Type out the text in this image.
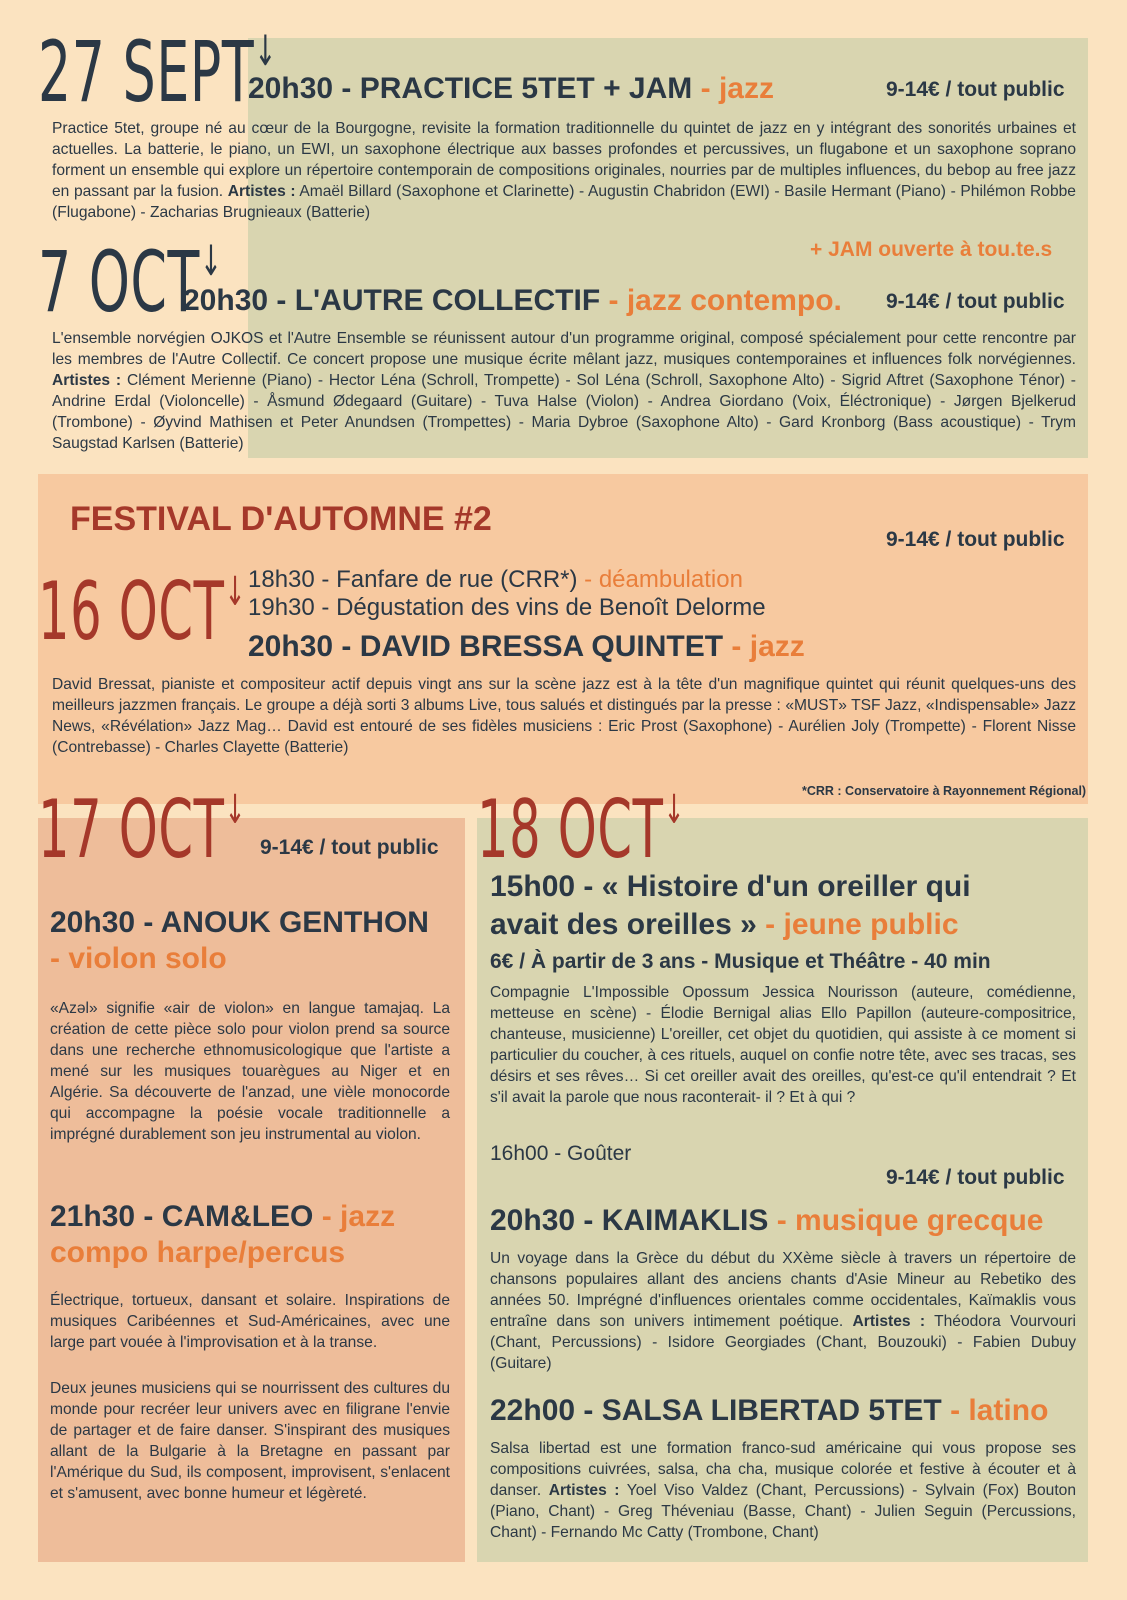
27 SEPT↓
20h30 - PRACTICE 5TET + JAM - jazz	9-14€ / tout public
Practice 5tet, groupe né au cœur de la Bourgogne, revisite la formation traditionnelle du quintet de jazz en y intégrant des sonorités urbaines et actuelles. La batterie, le piano, un EWI, un saxophone électrique aux basses profondes et percussives, un flugabone et un saxophone soprano forment un ensemble qui explore un répertoire contemporain de compositions originales, nourries par de multiples influences, du bebop au free jazz en passant par la fusion. Artistes : Amaël Billard (Saxophone et Clarinette) - Augustin Chabridon (EWI) - Basile Hermant (Piano) - Philémon Robbe (Flugabone) - Zacharias Brugnieaux (Batterie)
+ JAM ouverte à tou.te.s
7 OCT↓
20h30 - L'AUTRE COLLECTIF - jazz contempo. 9-14€ / tout public
L'ensemble norvégien OJKOS et l'Autre Ensemble se réunissent autour d'un programme original, composé spécialement pour cette rencontre par les membres de l'Autre Collectif. Ce concert propose une musique écrite mêlant jazz, musiques contemporaines et influences folk norvégiennes. Artistes : Clément Merienne (Piano) - Hector Léna (Schroll, Trompette) - Sol Léna (Schroll, Saxophone Alto) - Sigrid Aftret (Saxophone Ténor) - Andrine Erdal (Violoncelle) - Åsmund Ødegaard (Guitare) - Tuva Halse (Violon) - Andrea Giordano (Voix, Éléctronique) - Jørgen Bjelkerud (Trombone) - Øyvind Mathisen et Peter Anundsen (Trompettes) - Maria Dybroe (Saxophone Alto) - Gard Kronborg (Bass acoustique) - Trym Saugstad Karlsen (Batterie)
FESTIVAL D'AUTOMNE #2
9-14€ / tout public
16 OCT↓ 18h30 - Fanfare de rue (CRR*) - déambulation
19h30 - Dégustation des vins de Benoît Delorme
20h30 - DAVID BRESSA QUINTET - jazz
David Bressat, pianiste et compositeur actif depuis vingt ans sur la scène jazz est à la tête d'un magnifique quintet qui réunit quelques-uns des meilleurs jazzmen français. Le groupe a déjà sorti 3 albums Live, tous salués et distingués par la presse : «MUST» TSF Jazz, «Indispensable» Jazz News, «Révélation» Jazz Mag… David est entouré de ses fidèles musiciens : Eric Prost (Saxophone) - Aurélien Joly (Trompette) - Florent Nisse (Contrebasse) - Charles Clayette (Batterie)
*CRR : Conservatoire à Rayonnement Régional)
17 OCT↓
9-14€ / tout public
20h30 - ANOUK GENTHON
- violon solo
«Azəl» signifie «air de violon» en langue tamajaq. La création de cette pièce solo pour violon prend sa source dans une recherche ethnomusicologique que l'artiste a mené sur les musiques touarègues au Niger et en Algérie. Sa découverte de l'anzad, une vièle monocorde qui accompagne la poésie vocale traditionnelle a imprégné durablement son jeu instrumental au violon.
21h30 - CAM&LEO - jazz
compo harpe/percus
Électrique, tortueux, dansant et solaire. Inspirations de musiques Caribéennes et Sud-Américaines, avec une large part vouée à l'improvisation et à la transe.
Deux jeunes musiciens qui se nourrissent des cultures du monde pour recréer leur univers avec en filigrane l'envie de partager et de faire danser. S'inspirant des musiques allant de la Bulgarie à la Bretagne en passant par l'Amérique du Sud, ils composent, improvisent, s'enlacent et s'amusent, avec bonne humeur et légèreté.
18 OCT↓
15h00 - « Histoire d'un oreiller qui
avait des oreilles » - jeune public
6€ / À partir de 3 ans - Musique et Théâtre - 40 min
Compagnie L'Impossible Opossum Jessica Nourisson (auteure, comédienne, metteuse en scène) - Élodie Bernigal alias Ello Papillon (auteure-compositrice, chanteuse, musicienne) L'oreiller, cet objet du quotidien, qui assiste à ce moment si particulier du coucher, à ces rituels, auquel on confie notre tête, avec ses tracas, ses désirs et ses rêves… Si cet oreiller avait des oreilles, qu'est-ce qu'il entendrait ? Et s'il avait la parole que nous raconterait- il ? Et à qui ?
16h00 - Goûter
9-14€ / tout public
20h30 - KAIMAKLIS - musique grecque
Un voyage dans la Grèce du début du XXème siècle à travers un répertoire de chansons populaires allant des anciens chants d'Asie Mineur au Rebetiko des années 50. Imprégné d'influences orientales comme occidentales, Kaïmaklis vous entraîne dans son univers intimement poétique. Artistes : Théodora Vourvouri (Chant, Percussions) - Isidore Georgiades (Chant, Bouzouki) - Fabien Dubuy (Guitare)
22h00 - SALSA LIBERTAD 5TET - latino
Salsa libertad est une formation franco-sud américaine qui vous propose ses compositions cuivrées, salsa, cha cha, musique colorée et festive à écouter et à danser. Artistes : Yoel Viso Valdez (Chant, Percussions) - Sylvain (Fox) Bouton (Piano, Chant) - Greg Théveniau (Basse, Chant) - Julien Seguin (Percussions, Chant) - Fernando Mc Catty (Trombone, Chant)
